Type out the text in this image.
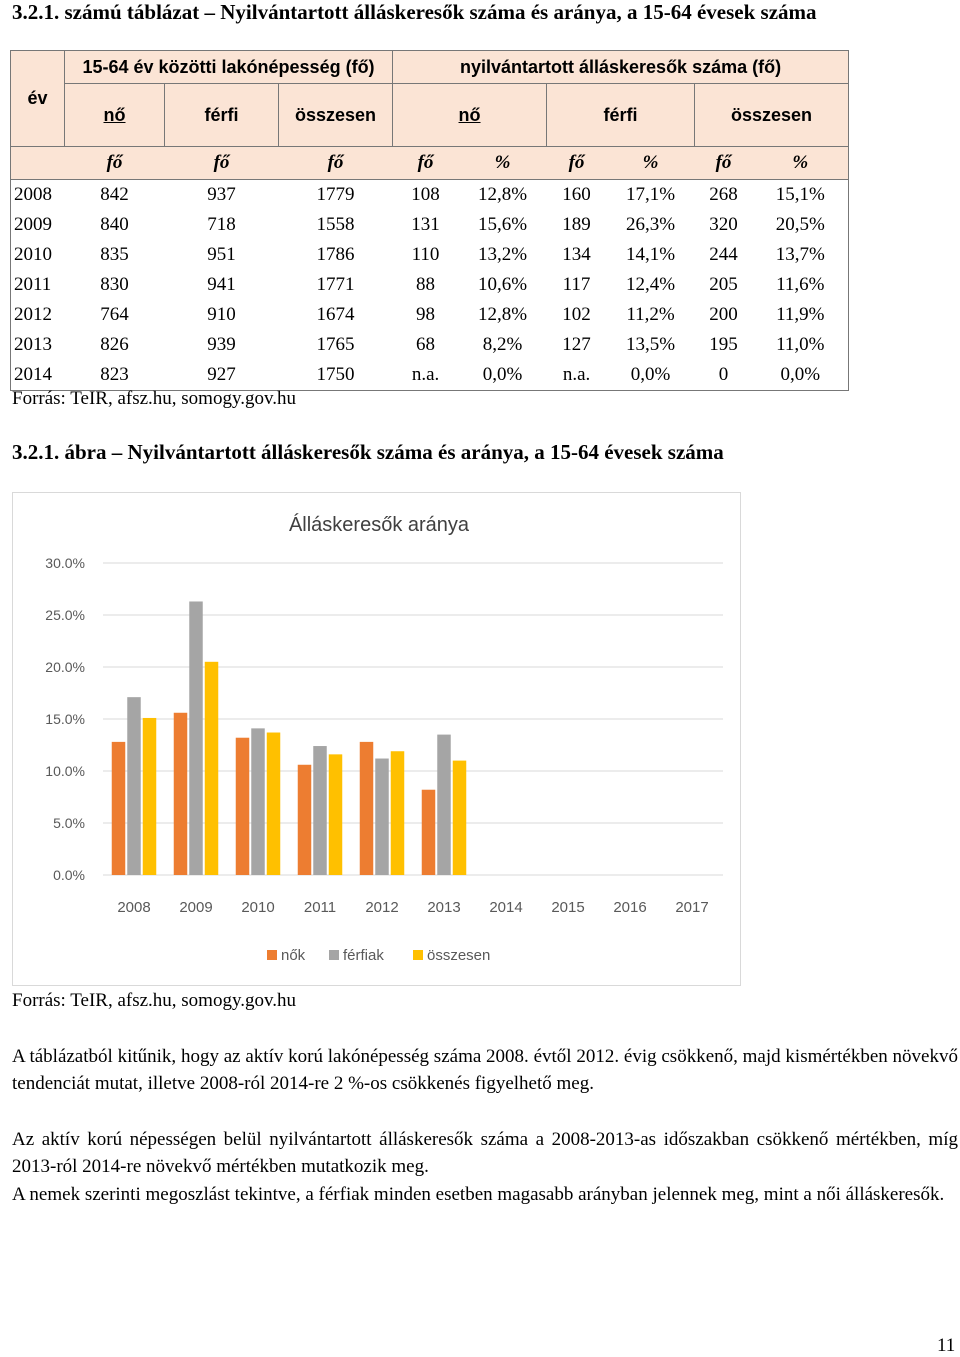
3.2.1. számú táblázat – Nyilvántartott álláskeresők száma és aránya, a 15-64 évesek száma
év	15-64 év közötti lakónépesség (fő)			nyilvántartott álláskeresők száma (fő)					
	nő	férfi	összesen	nő		férfi		összesen	
	fő	fő	fő	fő	%	fő	%	fő	%
2008	842	937	1779	108	12,8%	160	17,1%	268	15,1%
2009	840	718	1558	131	15,6%	189	26,3%	320	20,5%
2010	835	951	1786	110	13,2%	134	14,1%	244	13,7%
2011	830	941	1771	88	10,6%	117	12,4%	205	11,6%
2012	764	910	1674	98	12,8%	102	11,2%	200	11,9%
2013	826	939	1765	68	8,2%	127	13,5%	195	11,0%
2014	823	927	1750	n.a.	0,0%	n.a.	0,0%	0	0,0%
Forrás: TeIR, afsz.hu, somogy.gov.hu
3.2.1. ábra – Nyilvántartott álláskeresők száma és aránya, a 15-64 évesek száma
Álláskeresők aránya
0.0%
5.0%
10.0%
15.0%
20.0%
25.0%
30.0%
2008 2009 2010 2011 2012 2013 2014 2015 2016 2017
nők	férfiak	összesen
Forrás: TeIR, afsz.hu, somogy.gov.hu
A táblázatból kitűnik, hogy az aktív korú lakónépesség száma 2008. évtől 2012. évig csökkenő, majd kismértékben növekvő tendenciát mutat, illetve 2008-ról 2014-re 2 %-os csökkenés figyelhető meg.
Az aktív korú népességen belül nyilvántartott álláskeresők száma a 2008-2013-as időszakban csökkenő mértékben, míg 2013-ról 2014-re növekvő mértékben mutatkozik meg.
A nemek szerinti megoszlást tekintve, a férfiak minden esetben magasabb arányban jelennek meg, mint a női álláskeresők.
11
